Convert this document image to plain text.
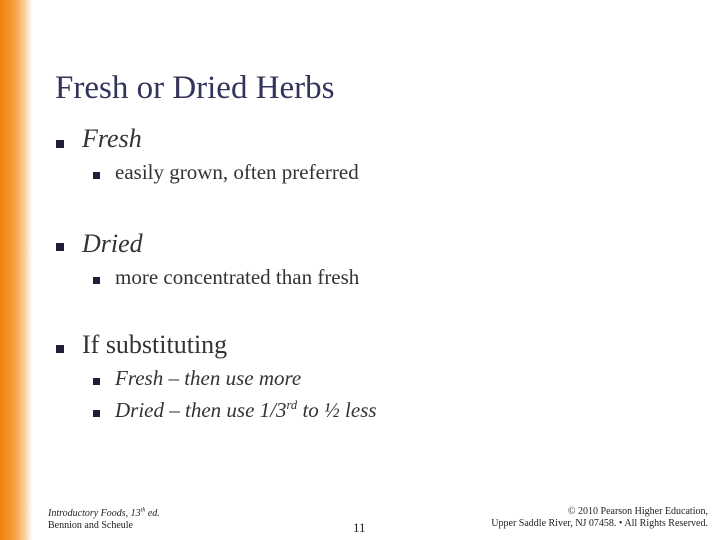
Fresh or Dried Herbs
Fresh
easily grown, often preferred
Dried
more concentrated than fresh
If substituting
Fresh – then use more
Dried – then use 1/3rd to ½ less
Introductory Foods, 13th ed.
Bennion and Scheule	11
© 2010 Pearson Higher Education,
Upper Saddle River, NJ 07458. • All Rights Reserved.
